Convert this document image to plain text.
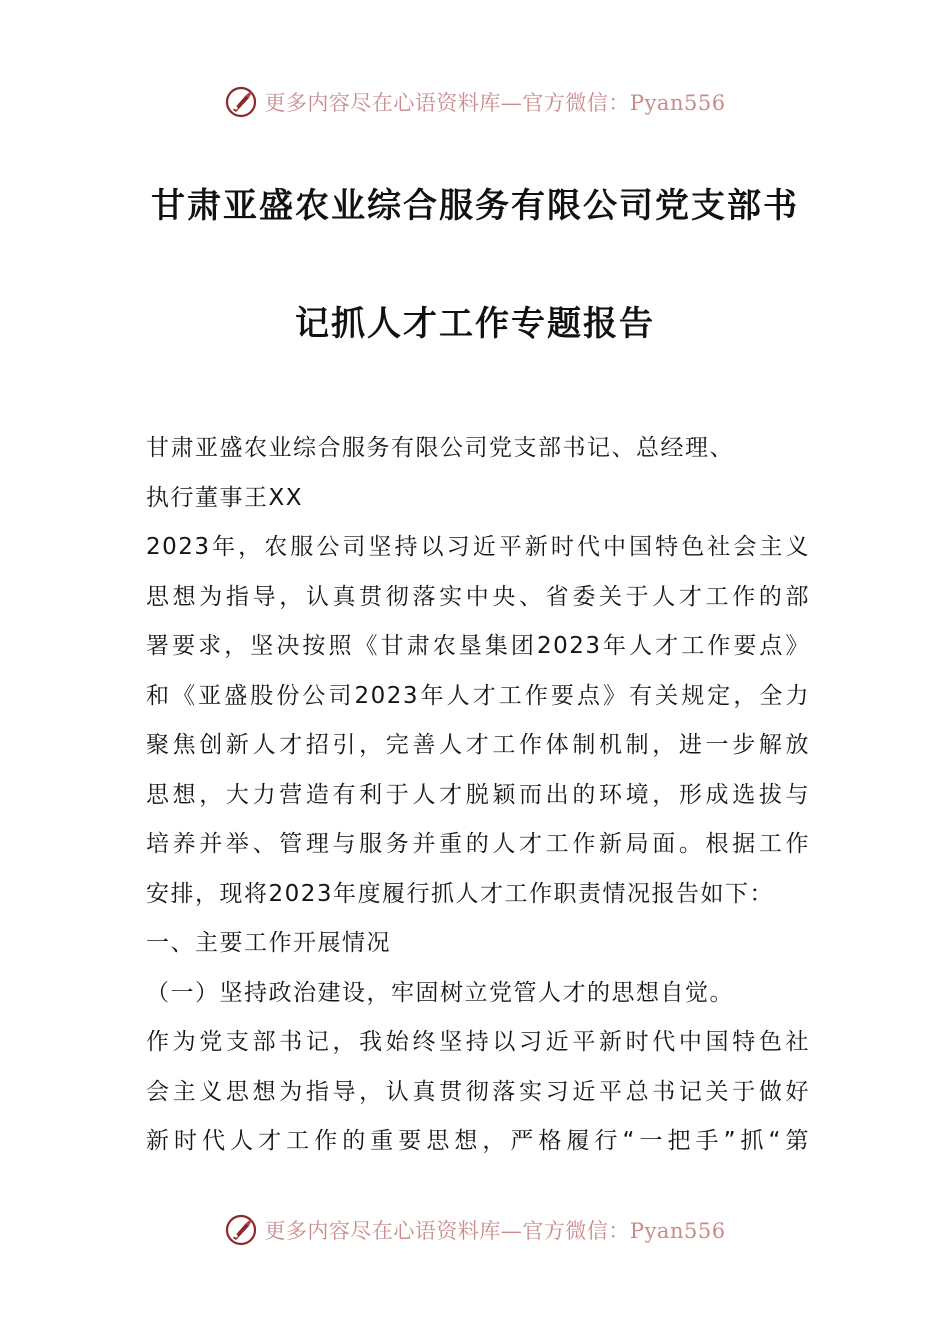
更多内容尽在心语资料库—官方微信：Pyan556
甘肃亚盛农业综合服务有限公司党支部书
记抓人才工作专题报告
甘肃亚盛农业综合服务有限公司党支部书记、总经理、
执行董事王XX
2023年，农服公司坚持以习近平新时代中国特色社会主义
思想为指导，认真贯彻落实中央、省委关于人才工作的部
署要求，坚决按照《甘肃农垦集团2023年人才工作要点》
和《亚盛股份公司2023年人才工作要点》有关规定，全力
聚焦创新人才招引，完善人才工作体制机制，进一步解放
思想，大力营造有利于人才脱颖而出的环境，形成选拔与
培养并举、管理与服务并重的人才工作新局面。根据工作
安排，现将2023年度履行抓人才工作职责情况报告如下：
一、主要工作开展情况
（一）坚持政治建设，牢固树立党管人才的思想自觉。
作为党支部书记，我始终坚持以习近平新时代中国特色社
会主义思想为指导，认真贯彻落实习近平总书记关于做好
新时代人才工作的重要思想，严格履行“一把手”抓“第
更多内容尽在心语资料库—官方微信：Pyan556
